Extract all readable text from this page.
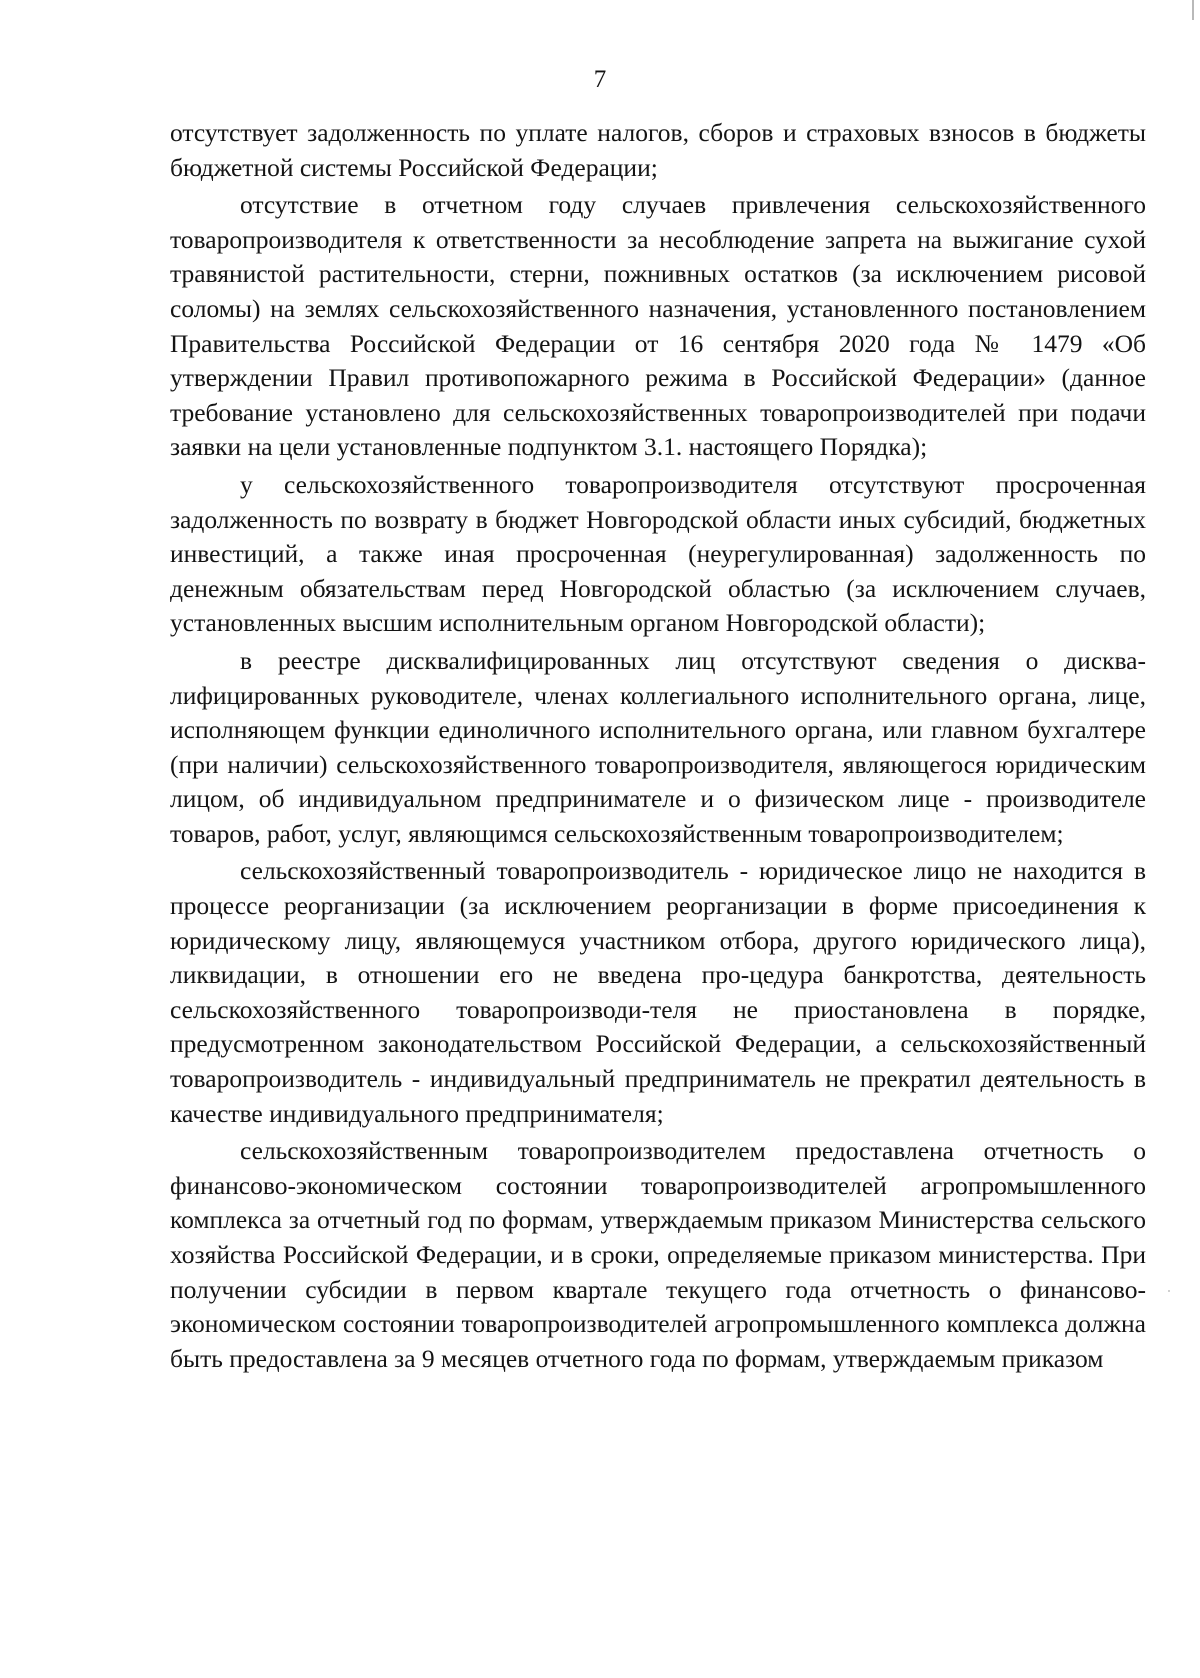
7

отсутствует задолженность по уплате налогов, сборов и страховых взносов в бюджеты бюджетной системы Российской Федерации;

отсутствие в отчетном году случаев привлечения сельскохозяйственного товаропроизводителя к ответственности за несоблюдение запрета на выжигание сухой травянистой растительности, стерни, пожнивных остатков (за исключением рисовой соломы) на землях сельскохозяйственного назначения, установленного постановлением Правительства Российской Федерации от 16 сентября 2020 года № 1479 «Об утверждении Правил противопожарного режима в Российской Федерации» (данное требование установлено для сельскохозяйственных товаропроизводителей при подачи заявки на цели установленные подпунктом 3.1. настоящего Порядка);

у сельскохозяйственного товаропроизводителя отсутствуют просроченная задолженность по возврату в бюджет Новгородской области иных субсидий, бюджетных инвестиций, а также иная просроченная (неурегулированная) задолженность по денежным обязательствам перед Новгородской областью (за исключением случаев, установленных высшим исполнительным органом Новгородской области);

в реестре дисквалифицированных лиц отсутствуют сведения о дисквалифицированных руководителе, членах коллегиального исполнительного органа, лице, исполняющем функции единоличного исполнительного органа, или главном бухгалтере (при наличии) сельскохозяйственного товаропроизводителя, являющегося юридическим лицом, об индивидуальном предпринимателе и о физическом лице - производителе товаров, работ, услуг, являющимся сельскохозяйственным товаропроизводителем;

сельскохозяйственный товаропроизводитель - юридическое лицо не находится в процессе реорганизации (за исключением реорганизации в форме присоединения к юридическому лицу, являющемуся участником отбора, другого юридического лица), ликвидации, в отношении его не введена про-цедура банкротства, деятельность сельскохозяйственного товаропроизводи-теля не приостановлена в порядке, предусмотренном законодательством Российской Федерации, а сельскохозяйственный товаропроизводитель - индивидуальный предприниматель не прекратил деятельность в качестве индивидуального предпринимателя;

сельскохозяйственным товаропроизводителем предоставлена отчетность о финансово-экономическом состоянии товаропроизводителей агропромышленного комплекса за отчетный год по формам, утверждаемым приказом Министерства сельского хозяйства Российской Федерации, и в сроки, определяемые приказом министерства. При получении субсидии в первом квартале текущего года отчетность о финансово-экономическом состоянии товаропроизводителей агропромышленного комплекса должна быть предоставлена за 9 месяцев отчетного года по формам, утверждаемым приказом
